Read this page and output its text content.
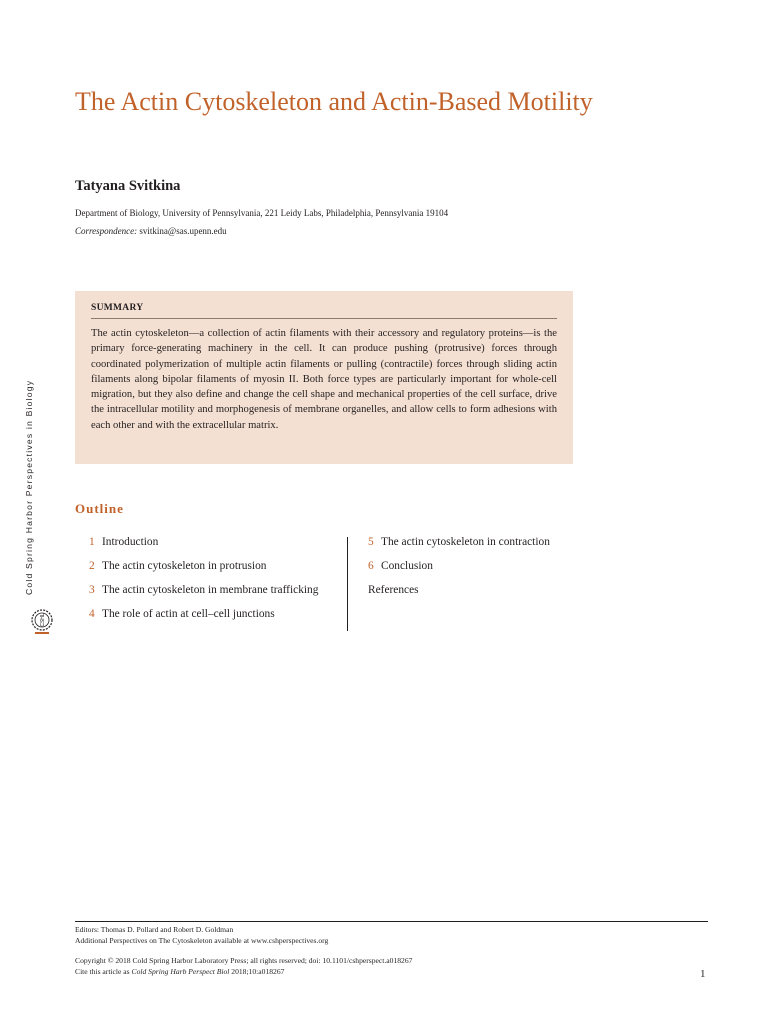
The Actin Cytoskeleton and Actin-Based Motility
Tatyana Svitkina
Department of Biology, University of Pennsylvania, 221 Leidy Labs, Philadelphia, Pennsylvania 19104
Correspondence: svitkina@sas.upenn.edu
SUMMARY

The actin cytoskeleton—a collection of actin filaments with their accessory and regulatory proteins—is the primary force-generating machinery in the cell. It can produce pushing (protrusive) forces through coordinated polymerization of multiple actin filaments or pulling (contractile) forces through sliding actin filaments along bipolar filaments of myosin II. Both force types are particularly important for whole-cell migration, but they also define and change the cell shape and mechanical properties of the cell surface, drive the intracellular motility and morphogenesis of membrane organelles, and allow cells to form adhesions with each other and with the extracellular matrix.

Outline
1 Introduction
2 The actin cytoskeleton in protrusion
3 The actin cytoskeleton in membrane trafficking
4 The role of actin at cell–cell junctions
5 The actin cytoskeleton in contraction
6 Conclusion
References
Cold Spring Harbor Perspectives in Biology
CSHL
Editors: Thomas D. Pollard and Robert D. Goldman
Additional Perspectives on The Cytoskeleton available at www.cshperspectives.org
Copyright © 2018 Cold Spring Harbor Laboratory Press; all rights reserved; doi: 10.1101/cshperspect.a018267
Cite this article as Cold Spring Harb Perspect Biol 2018;10:a018267	1
